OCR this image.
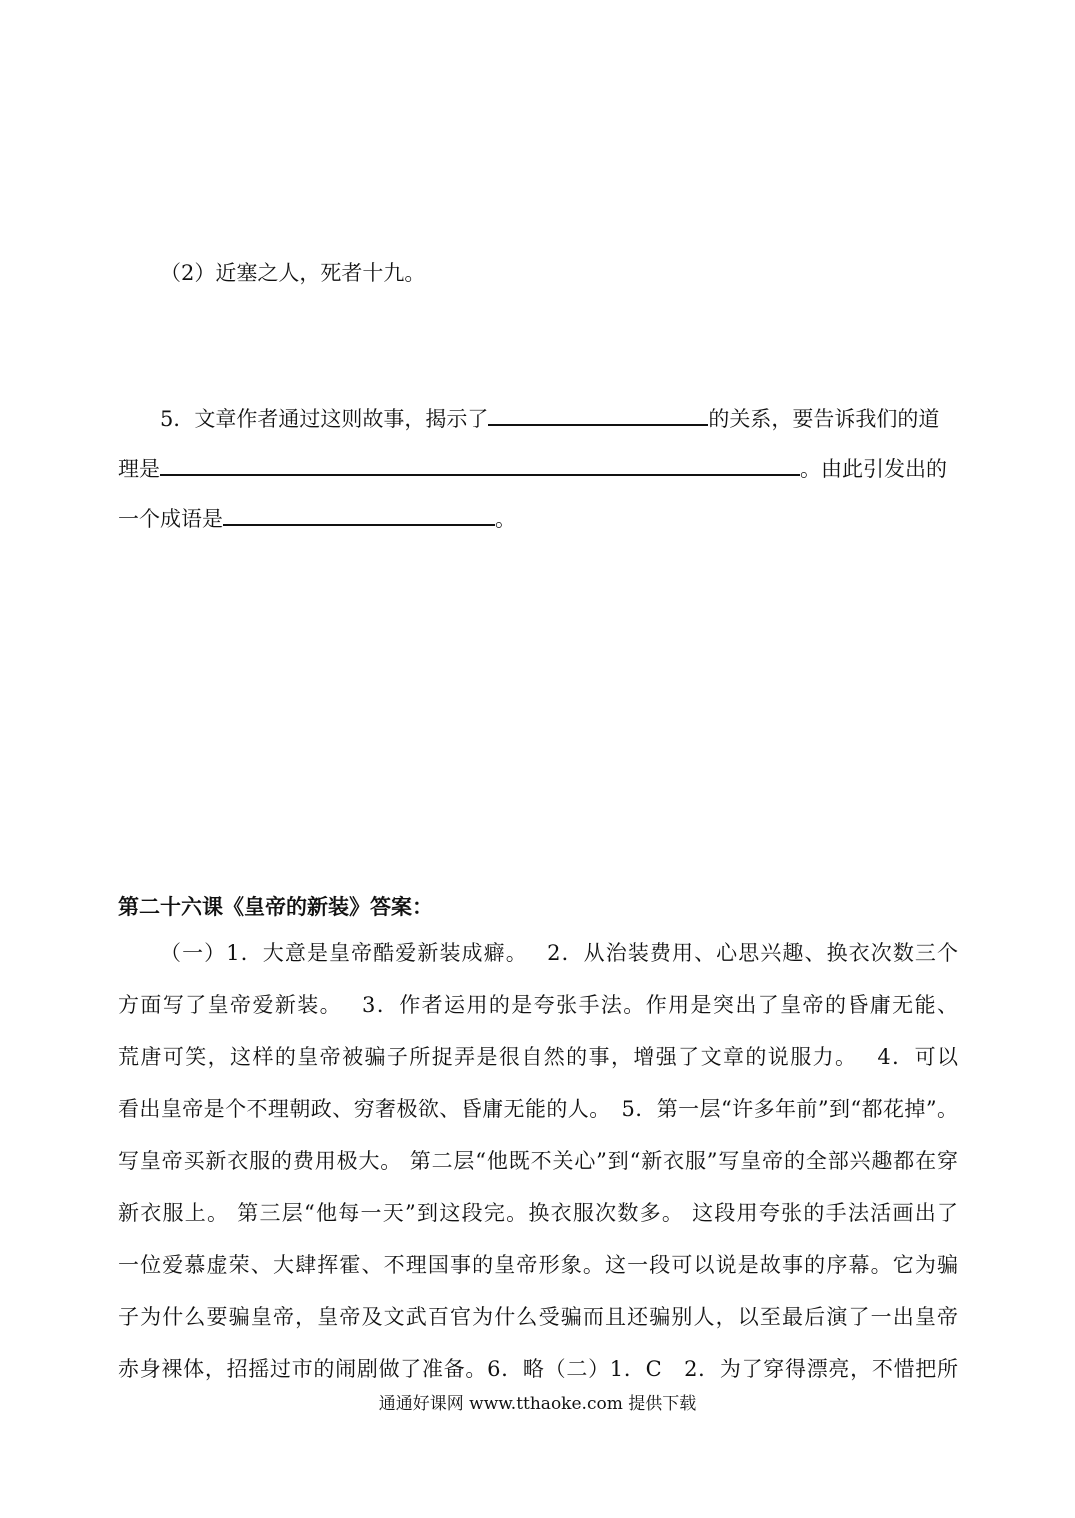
（2）近塞之人，死者十九。
5．文章作者通过这则故事，揭示了	的关系，要告诉我们的道
理是	。由此引发出的
一个成语是	。
第二十六课《皇帝的新装》答案：
（一）1．大意是皇帝酷爱新装成癖。　 2．从治装费用、心思兴趣、换衣次数三个
方面写了皇帝爱新装。　 3．作者运用的是夸张手法。作用是突出了皇帝的昏庸无能、
荒唐可笑，这样的皇帝被骗子所捉弄是很自然的事，增强了文章的说服力。　 4．可以
看出皇帝是个不理朝政、穷奢极欲、昏庸无能的人。　5．第一层“许多年前”到“都花掉”。
写皇帝买新衣服的费用极大。 第二层“他既不关心”到“新衣服”写皇帝的全部兴趣都在穿
新衣服上。 第三层“他每一天”到这段完。换衣服次数多。 这段用夸张的手法活画出了
一位爱慕虚荣、大肆挥霍、不理国事的皇帝形象。这一段可以说是故事的序幕。它为骗
子为什么要骗皇帝，皇帝及文武百官为什么受骗而且还骗别人，以至最后演了一出皇帝
赤身裸体，招摇过市的闹剧做了准备。6．略（二）1．C　2．为了穿得漂亮，不惜把所
通通好课网 www.tthaoke.com 提供下载
